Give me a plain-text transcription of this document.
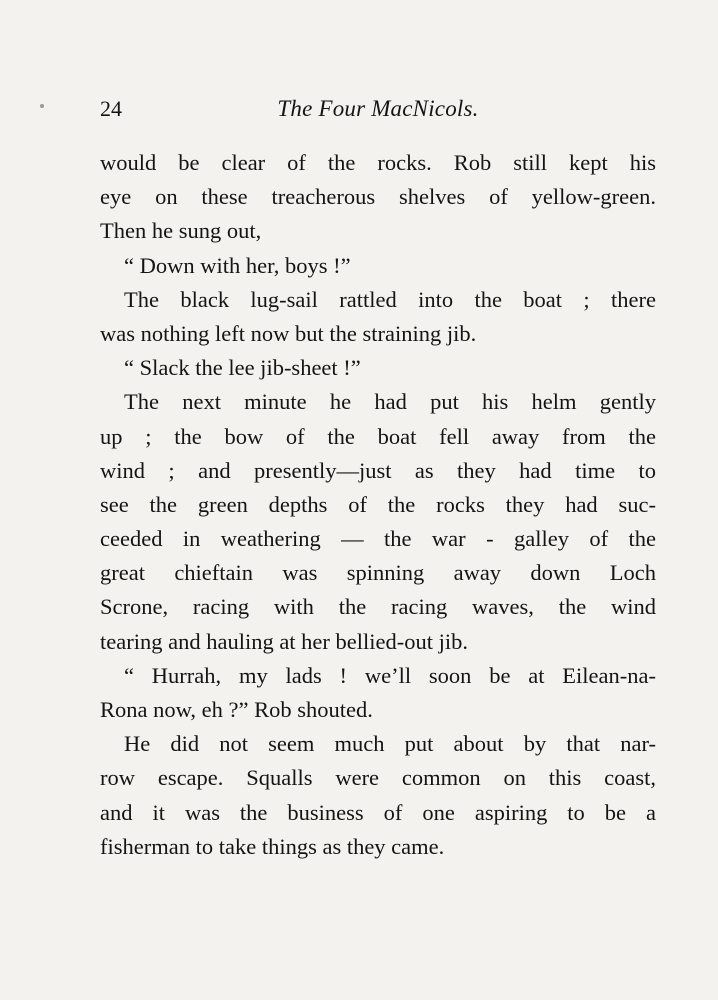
24	The Four MacNicols.
would be clear of the rocks. Rob still kept his
eye on these treacherous shelves of yellow-green.
Then he sung out,
“ Down with her, boys !”
The black lug-sail rattled into the boat ; there
was nothing left now but the straining jib.
“ Slack the lee jib-sheet !”
The next minute he had put his helm gently
up ; the bow of the boat fell away from the
wind ; and presently—just as they had time to
see the green depths of the rocks they had suc-
ceeded in weathering — the war - galley of the
great chieftain was spinning away down Loch
Scrone, racing with the racing waves, the wind
tearing and hauling at her bellied-out jib.
“ Hurrah, my lads ! we’ll soon be at Eilean-na-
Rona now, eh ?” Rob shouted.
He did not seem much put about by that nar-
row escape. Squalls were common on this coast,
and it was the business of one aspiring to be a
fisherman to take things as they came.
